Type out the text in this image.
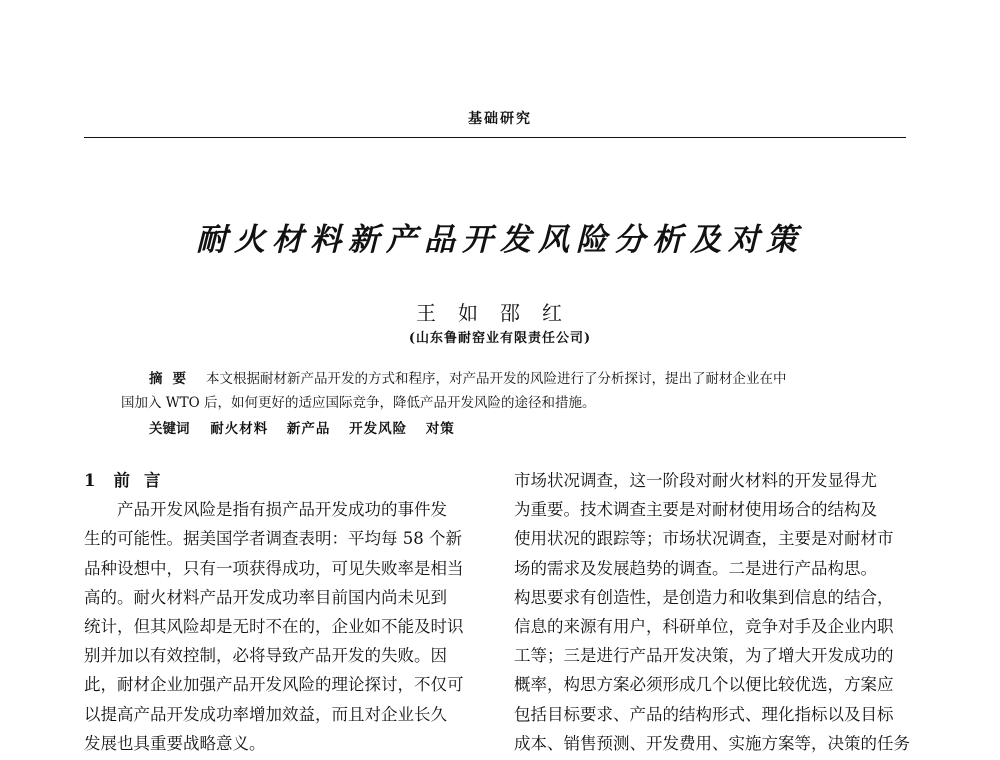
基础研究
耐火材料新产品开发风险分析及对策
王如邵红
(山东鲁耐窑业有限责任公司)
摘要 本文根据耐材新产品开发的方式和程序，对产品开发的风险进行了分析探讨，提出了耐材企业在中
国加入 WTO 后，如何更好的适应国际竞争，降低产品开发风险的途径和措施。
关键词 耐火材料 新产品 开发风险 对策
1 前言
产品开发风险是指有损产品开发成功的事件发
生的可能性。据美国学者调查表明：平均每 58 个新
品种设想中，只有一项获得成功，可见失败率是相当
高的。耐火材料产品开发成功率目前国内尚未见到
统计，但其风险却是无时不在的，企业如不能及时识
别并加以有效控制，必将导致产品开发的失败。因
此，耐材企业加强产品开发风险的理论探讨，不仅可
以提高产品开发成功率增加效益，而且对企业长久
发展也具重要战略意义。
市场状况调查，这一阶段对耐火材料的开发显得尤
为重要。技术调查主要是对耐材使用场合的结构及
使用状况的跟踪等；市场状况调查，主要是对耐材市
场的需求及发展趋势的调查。二是进行产品构思。
构思要求有创造性，是创造力和收集到信息的结合，
信息的来源有用户，科研单位，竞争对手及企业内职
工等；三是进行产品开发决策，为了增大开发成功的
概率，构思方案必须形成几个以便比较优选，方案应
包括目标要求、产品的结构形式、理化指标以及目标
成本、销售预测、开发费用、实施方案等，决策的任务
